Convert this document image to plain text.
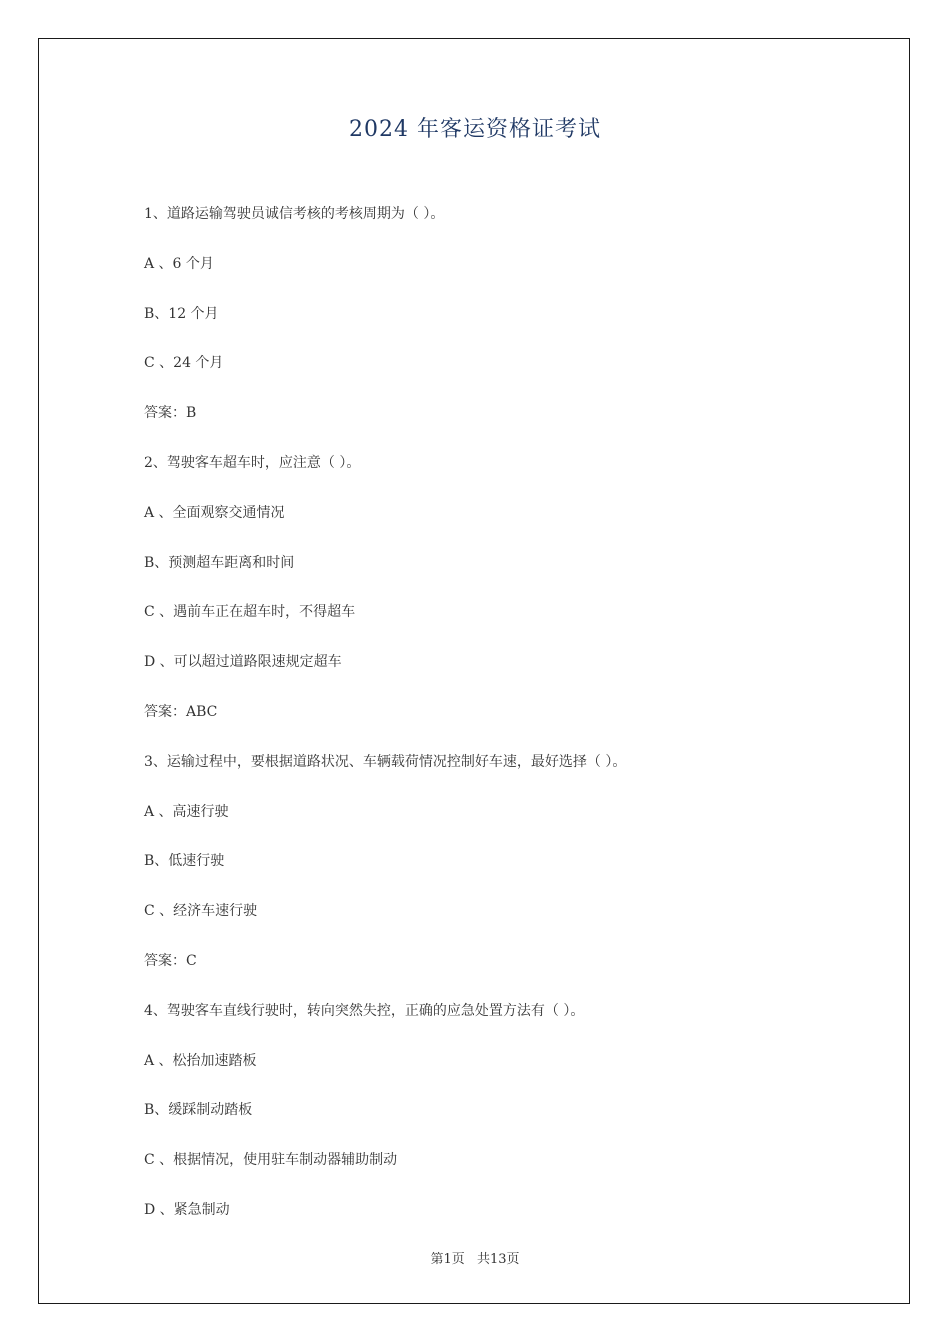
2024 年客运资格证考试
1、道路运输驾驶员诚信考核的考核周期为（ ）。
A 、6 个月
B、12 个月
C 、24 个月
答案：B
2、驾驶客车超车时，应注意（ ）。
A 、全面观察交通情况
B、预测超车距离和时间
C 、遇前车正在超车时，不得超车
D 、可以超过道路限速规定超车
答案：ABC
3、运输过程中，要根据道路状况、车辆载荷情况控制好车速，最好选择（ ）。
A 、高速行驶
B、低速行驶
C 、经济车速行驶
答案：C
4、驾驶客车直线行驶时，转向突然失控，正确的应急处置方法有（ ）。
A 、松抬加速踏板
B、缓踩制动踏板
C 、根据情况，使用驻车制动器辅助制动
D 、紧急制动
第1页 共13页
